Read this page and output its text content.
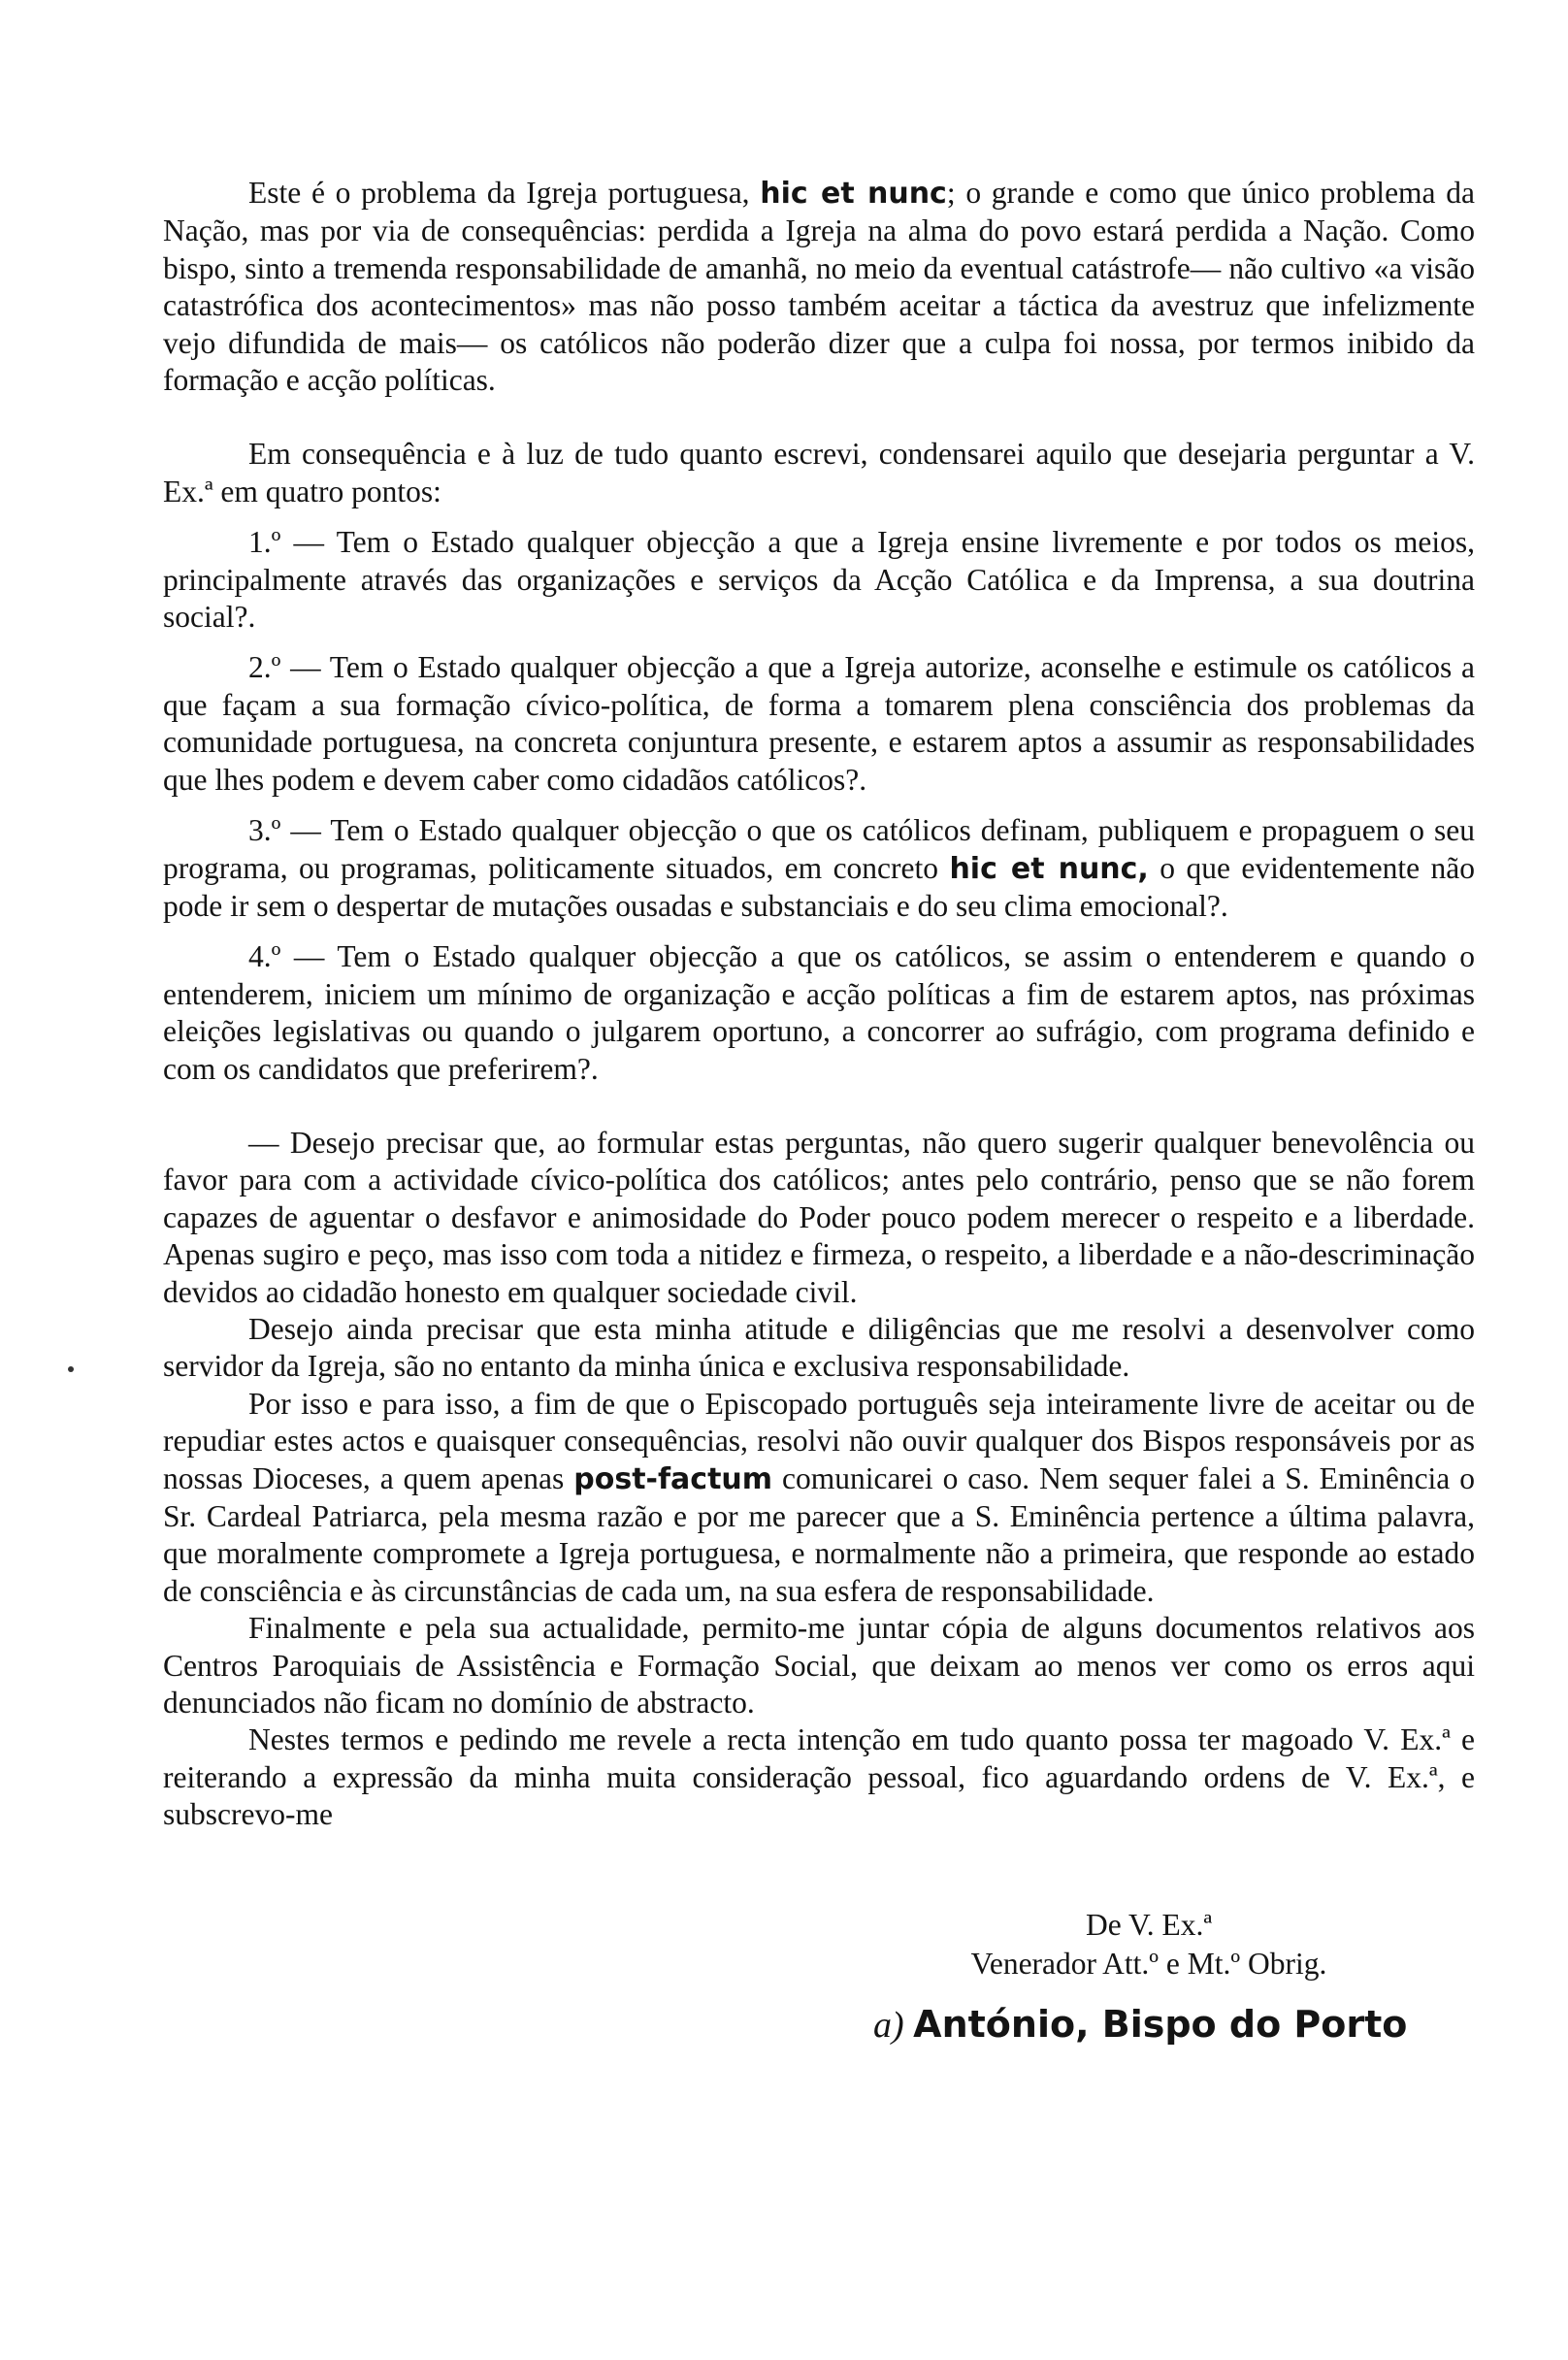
Este é o problema da Igreja portuguesa, hic et nunc; o grande e como que único problema da Nação, mas por via de consequências: perdida a Igreja na alma do povo estará perdida a Nação. Como bispo, sinto a tremenda responsabilidade de amanhã, no meio da eventual catástrofe— não cultivo «a visão catastrófica dos acontecimentos» mas não posso também aceitar a táctica da avestruz que infelizmente vejo difundida de mais— os católicos não poderão dizer que a culpa foi nossa, por termos inibido da formação e acção políticas.

Em consequência e à luz de tudo quanto escrevi, condensarei aquilo que desejaria perguntar a V. Ex.ª em quatro pontos:

1.º — Tem o Estado qualquer objecção a que a Igreja ensine livremente e por todos os meios, principalmente através das organizações e serviços da Acção Católica e da Imprensa, a sua doutrina social?.

2.º — Tem o Estado qualquer objecção a que a Igreja autorize, aconselhe e estimule os católicos a que façam a sua formação cívico-política, de forma a tomarem plena consciência dos problemas da comunidade portuguesa, na concreta conjuntura presente, e estarem aptos a assumir as responsabilidades que lhes podem e devem caber como cidadãos católicos?.

3.º — Tem o Estado qualquer objecção o que os católicos definam, publiquem e propaguem o seu programa, ou programas, politicamente situados, em concreto hic et nunc, o que evidentemente não pode ir sem o despertar de mutações ousadas e substanciais e do seu clima emocional?.

4.º — Tem o Estado qualquer objecção a que os católicos, se assim o entenderem e quando o entenderem, iniciem um mínimo de organização e acção políticas a fim de estarem aptos, nas próximas eleições legislativas ou quando o julgarem oportuno, a concorrer ao sufrágio, com programa definido e com os candidatos que preferirem?.

— Desejo precisar que, ao formular estas perguntas, não quero sugerir qualquer benevolência ou favor para com a actividade cívico-política dos católicos; antes pelo contrário, penso que se não forem capazes de aguentar o desfavor e animosidade do Poder pouco podem merecer o respeito e a liberdade. Apenas sugiro e peço, mas isso com toda a nitidez e firmeza, o respeito, a liberdade e a não-descriminação devidos ao cidadão honesto em qualquer sociedade civil.

Desejo ainda precisar que esta minha atitude e diligências que me resolvi a desenvolver como servidor da Igreja, são no entanto da minha única e exclusiva responsabilidade.

Por isso e para isso, a fim de que o Episcopado português seja inteiramente livre de aceitar ou de repudiar estes actos e quaisquer consequências, resolvi não ouvir qualquer dos Bispos responsáveis por as nossas Dioceses, a quem apenas post-factum comunicarei o caso. Nem sequer falei a S. Eminência o Sr. Cardeal Patriarca, pela mesma razão e por me parecer que a S. Eminência pertence a última palavra, que moralmente compromete a Igreja portuguesa, e normalmente não a primeira, que responde ao estado de consciência e às circunstâncias de cada um, na sua esfera de responsabilidade.

Finalmente e pela sua actualidade, permito-me juntar cópia de alguns documentos relativos aos Centros Paroquiais de Assistência e Formação Social, que deixam ao menos ver como os erros aqui denunciados não ficam no domínio de abstracto.

Nestes termos e pedindo me revele a recta intenção em tudo quanto possa ter magoado V. Ex.ª e reiterando a expressão da minha muita consideração pessoal, fico aguardando ordens de V. Ex.ª, e subscrevo-me

De V. Ex.ª

Venerador Att.º e Mt.º Obrig.

a) António, Bispo do Porto
